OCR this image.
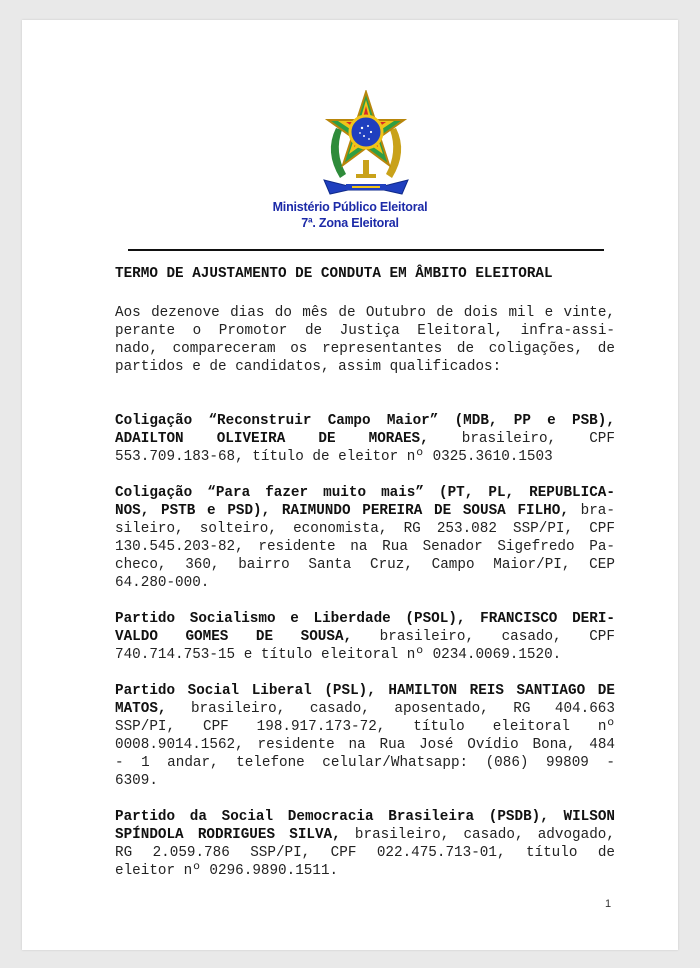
Ministério Público Eleitoral
7ª. Zona Eleitoral
TERMO DE AJUSTAMENTO DE CONDUTA EM ÂMBITO ELEITORAL
Aos dezenove dias do mês de Outubro de dois mil e vinte,
perante o Promotor de Justiça Eleitoral, infra-assi-
nado, compareceram os representantes de coligações, de
partidos e de candidatos, assim qualificados:
Coligação “Reconstruir Campo Maior” (MDB, PP e PSB),
ADAILTON OLIVEIRA DE MORAES, brasileiro, CPF
553.709.183-68, título de eleitor nº 0325.3610.1503
Coligação “Para fazer muito mais” (PT, PL, REPUBLICA-
NOS, PSTB e PSD), RAIMUNDO PEREIRA DE SOUSA FILHO, bra-
sileiro, solteiro, economista, RG 253.082 SSP/PI, CPF
130.545.203-82, residente na Rua Senador Sigefredo Pa-
checo, 360, bairro Santa Cruz, Campo Maior/PI, CEP
64.280-000.
Partido Socialismo e Liberdade (PSOL), FRANCISCO DERI-
VALDO GOMES DE SOUSA, brasileiro, casado, CPF
740.714.753-15 e título eleitoral nº 0234.0069.1520.
Partido Social Liberal (PSL), HAMILTON REIS SANTIAGO DE
MATOS, brasileiro, casado, aposentado, RG 404.663
SSP/PI, CPF 198.917.173-72, título eleitoral nº
0008.9014.1562, residente na Rua José Ovídio Bona, 484
- 1 andar, telefone celular/Whatsapp: (086) 99809 -
6309.
Partido da Social Democracia Brasileira (PSDB), WILSON
SPÍNDOLA RODRIGUES SILVA, brasileiro, casado, advogado,
RG 2.059.786 SSP/PI, CPF 022.475.713-01, título de
eleitor nº 0296.9890.1511.
1
